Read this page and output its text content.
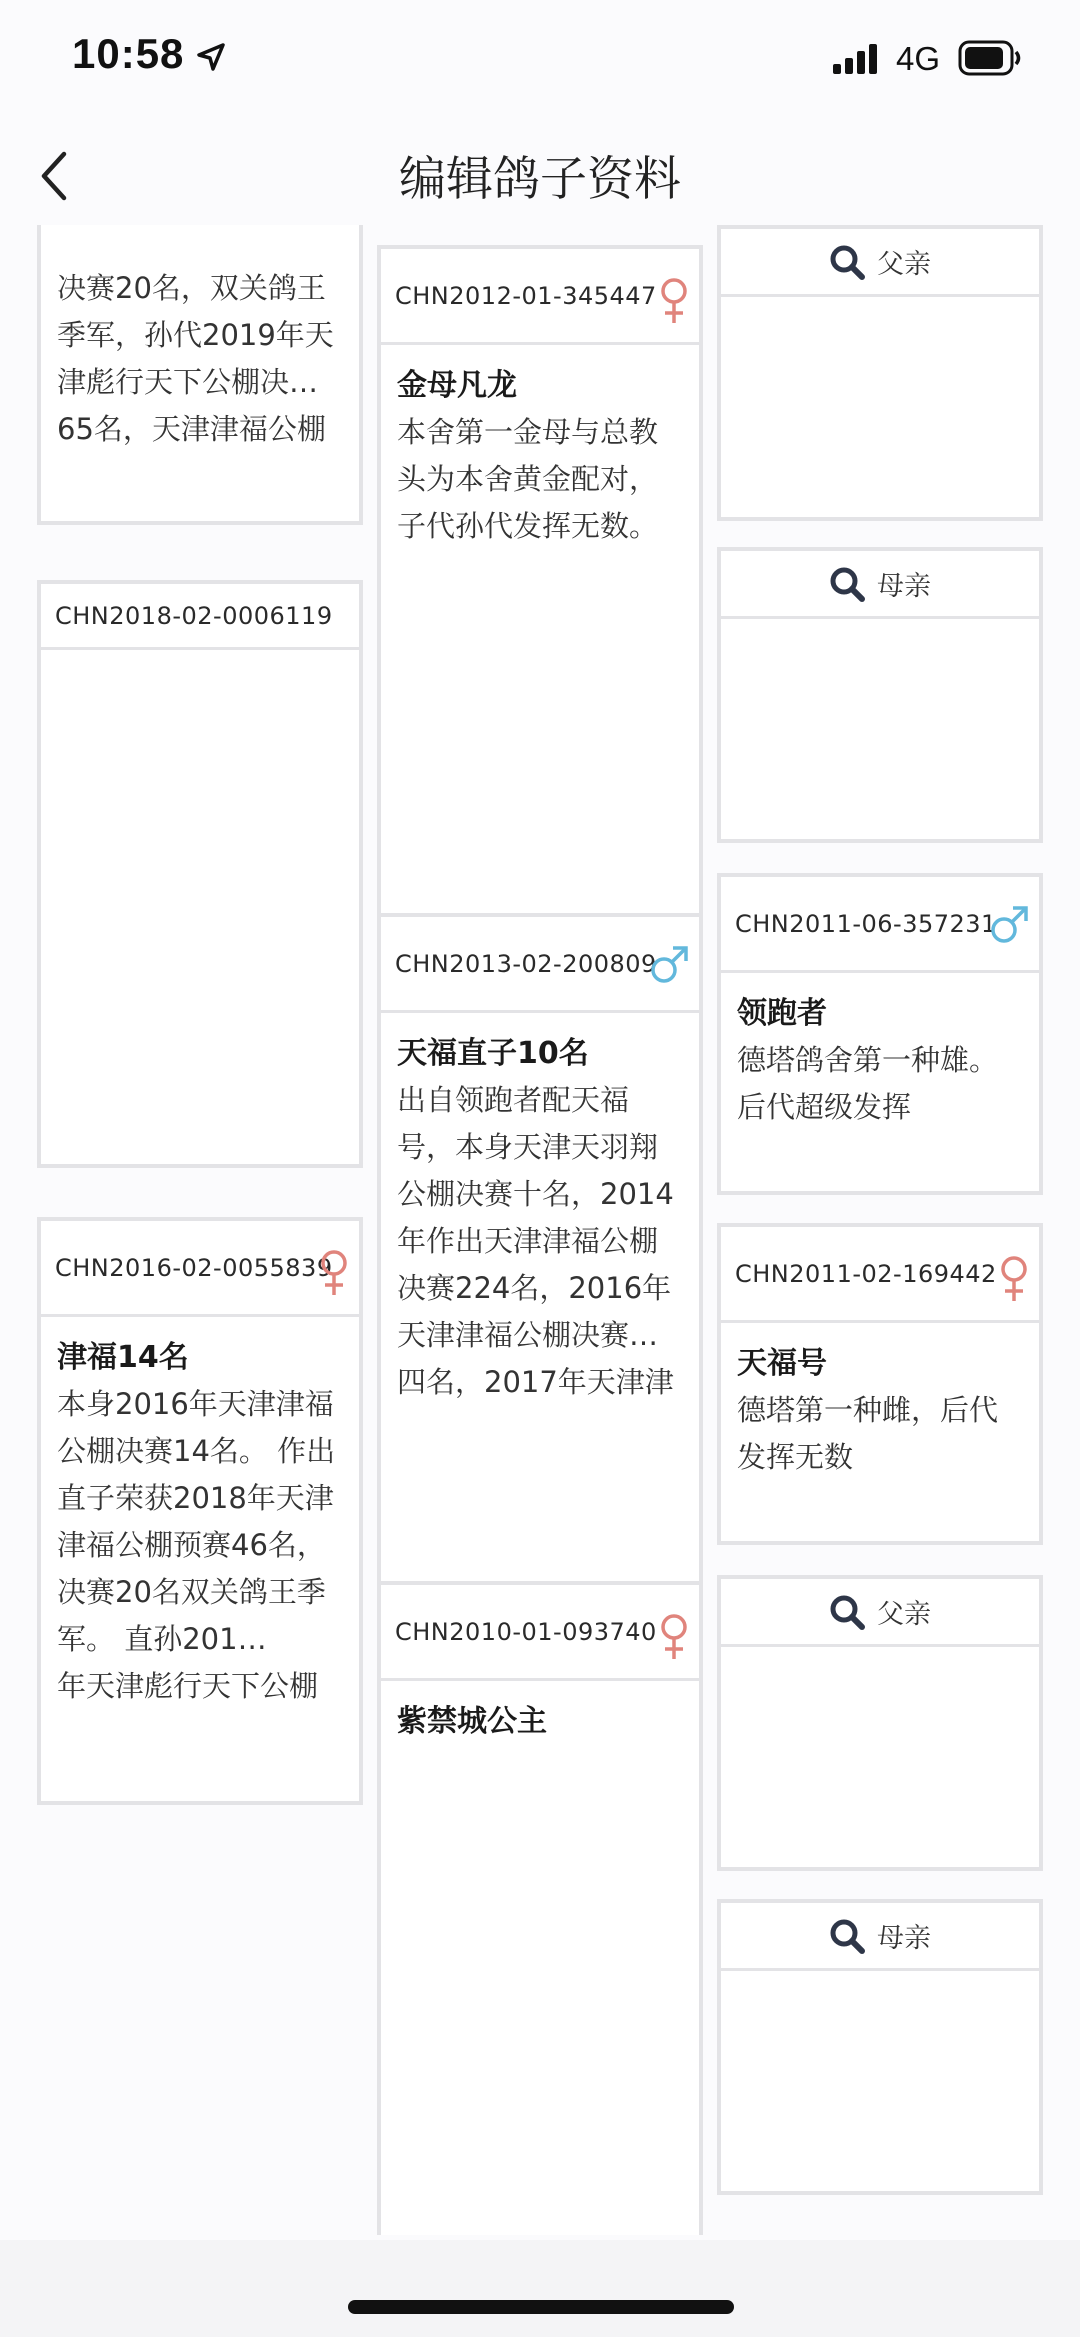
10:58	4G
编辑鸽子资料
决赛20名，双关鸽王季军，孙代2019年天津彪行天下公棚决…
65名，天津津福公棚
CHN2018-02-0006119
CHN2016-02-0055839
津福14名
本身2016年天津津福公棚决赛14名。 作出直子荣获2018年天津津福公棚预赛46名，决赛20名双关鸽王季军。 直孙201…
年天津彪行天下公棚
CHN2012-01-345447
金母凡龙
本舍第一金母与总教头为本舍黄金配对，子代孙代发挥无数。
CHN2013-02-200809
天福直子10名
出自领跑者配天福号，本身天津天羽翔公棚决赛十名，2014年作出天津津福公棚决赛224名，2016年天津津福公棚决赛…
四名，2017年天津津
CHN2010-01-093740
紫禁城公主
父亲
母亲
CHN2011-06-357231
领跑者
德塔鸽舍第一种雄。后代超级发挥
CHN2011-02-169442
天福号
德塔第一种雌，后代发挥无数
父亲
母亲
